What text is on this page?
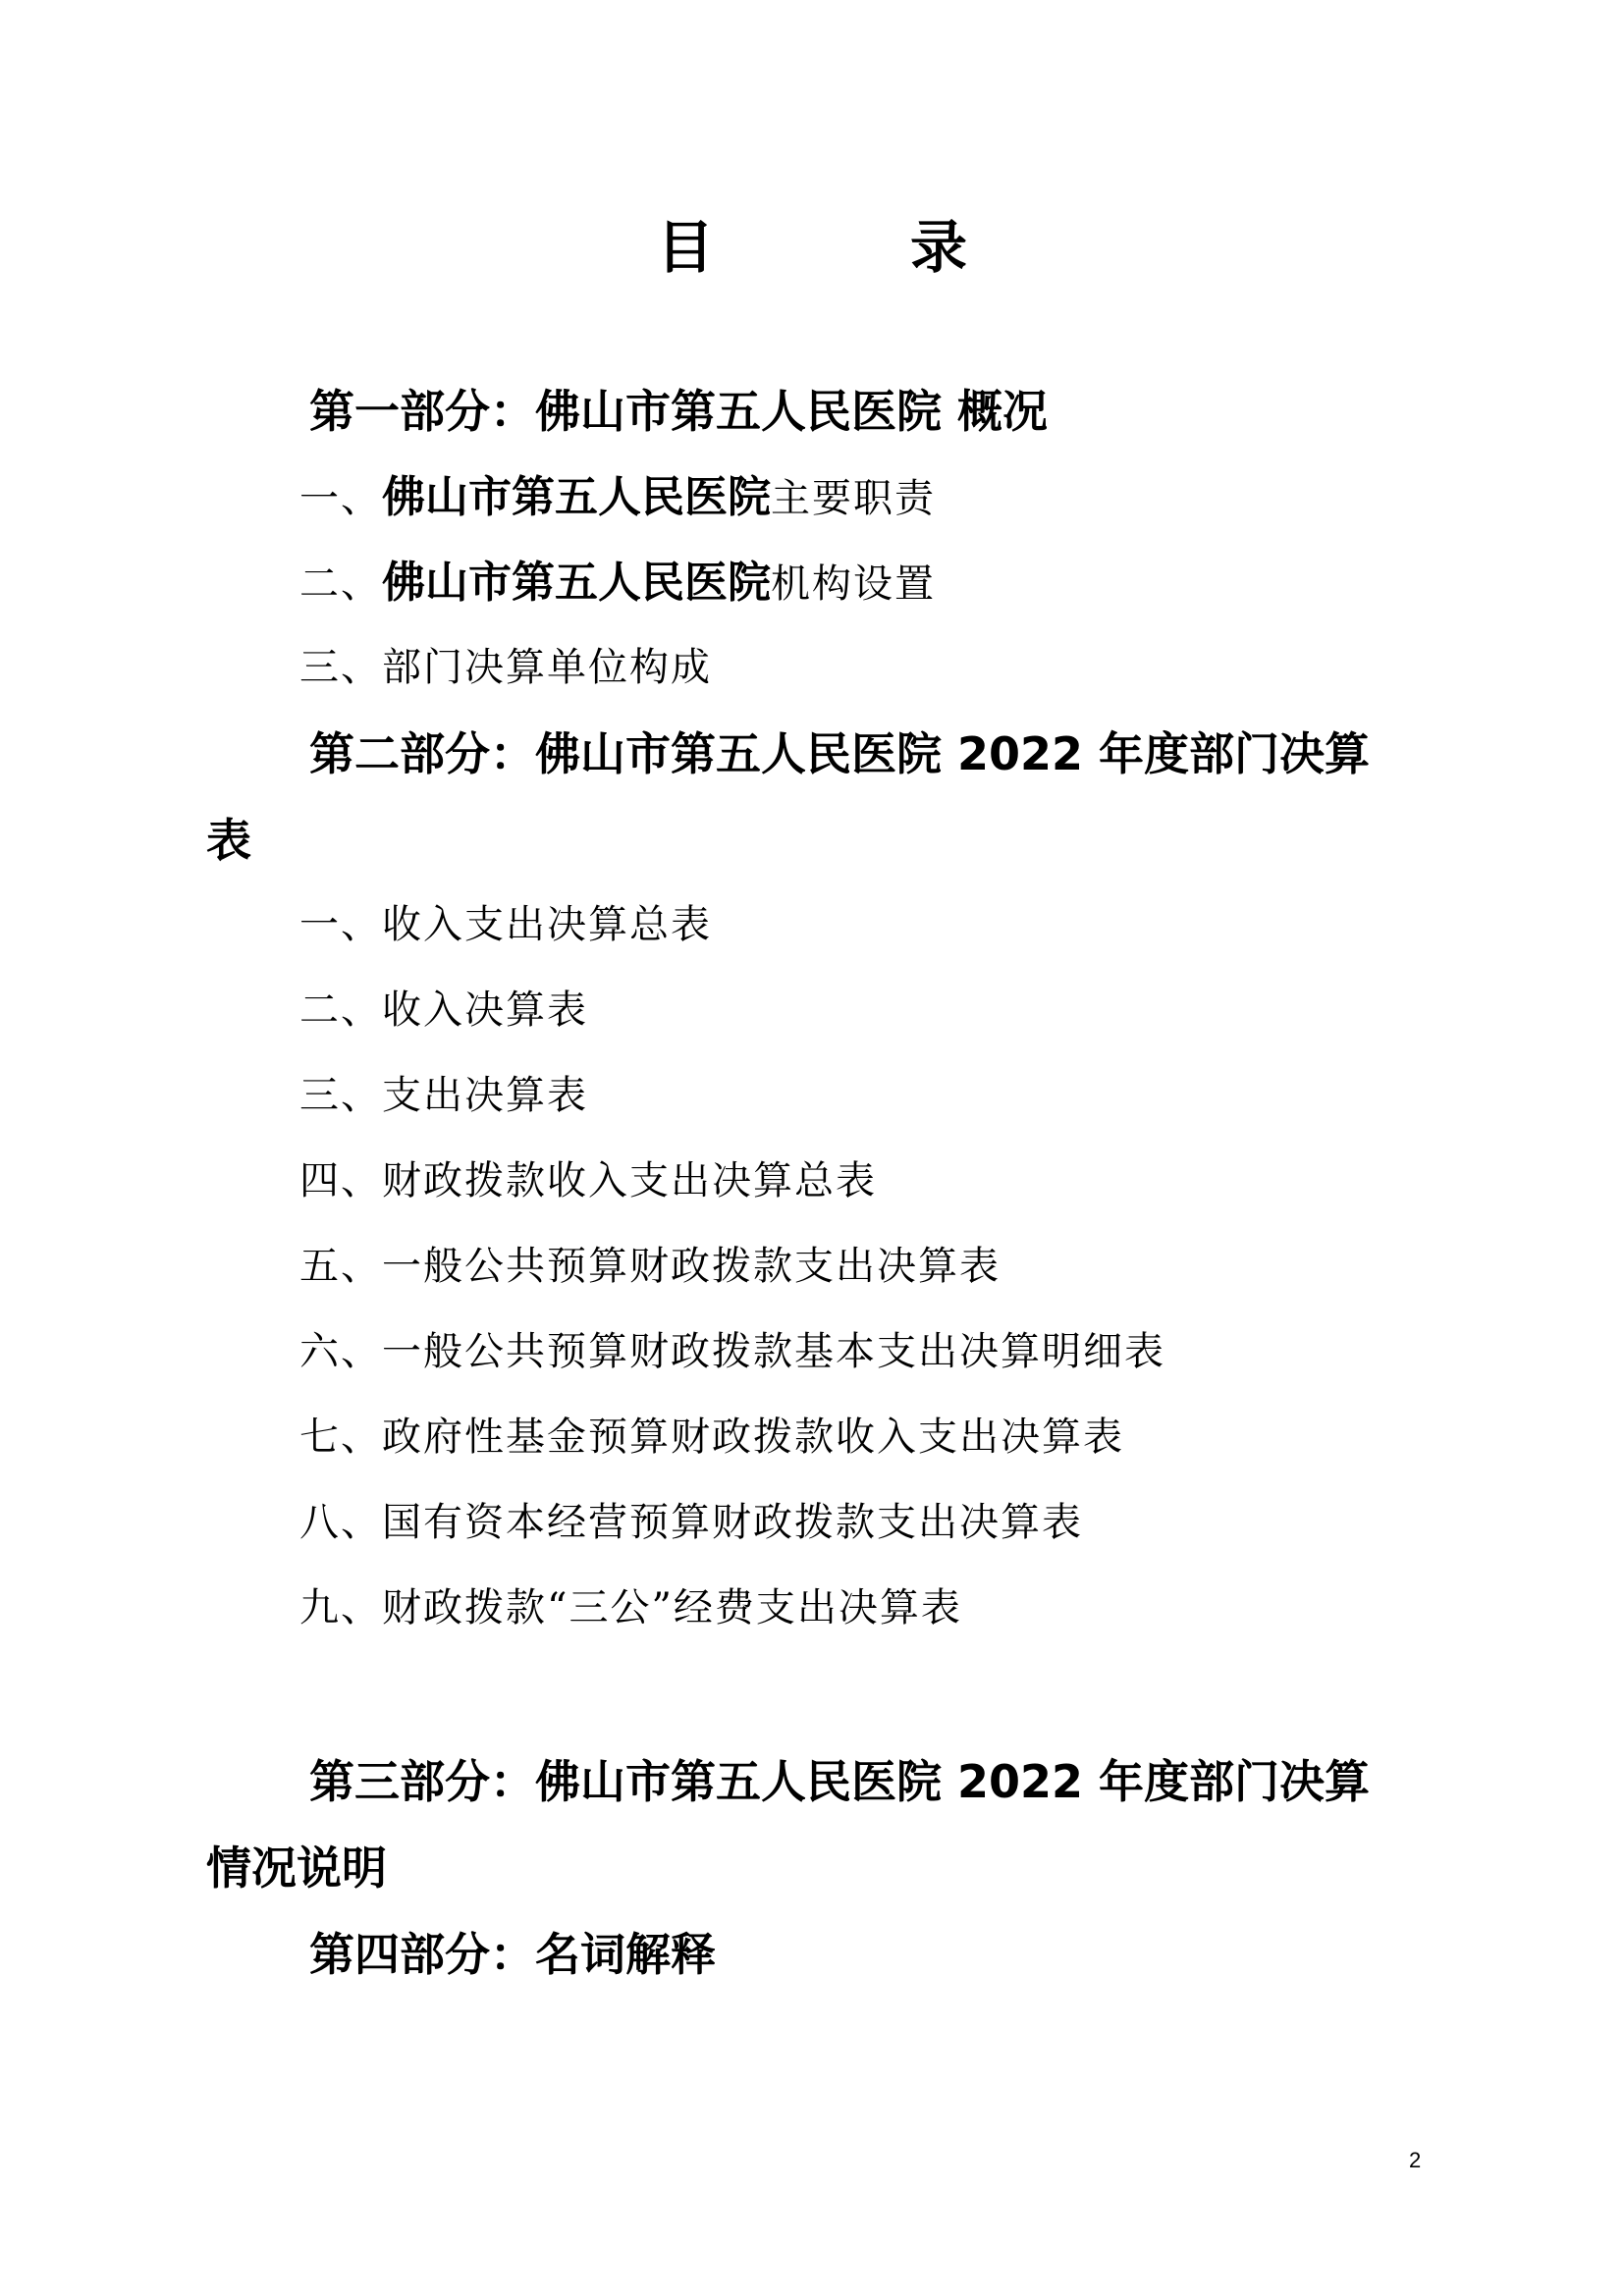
目	录
第一部分：佛山市第五人民医院 概况
一、佛山市第五人民医院主要职责
二、佛山市第五人民医院机构设置
三、部门决算单位构成
第二部分：佛山市第五人民医院 2022 年度部门决算
表
一、收入支出决算总表
二、收入决算表
三、支出决算表
四、财政拨款收入支出决算总表
五、一般公共预算财政拨款支出决算表
六、一般公共预算财政拨款基本支出决算明细表
七、政府性基金预算财政拨款收入支出决算表
八、国有资本经营预算财政拨款支出决算表
九、财政拨款“三公”经费支出决算表
第三部分：佛山市第五人民医院 2022 年度部门决算
情况说明
第四部分：名词解释
2
